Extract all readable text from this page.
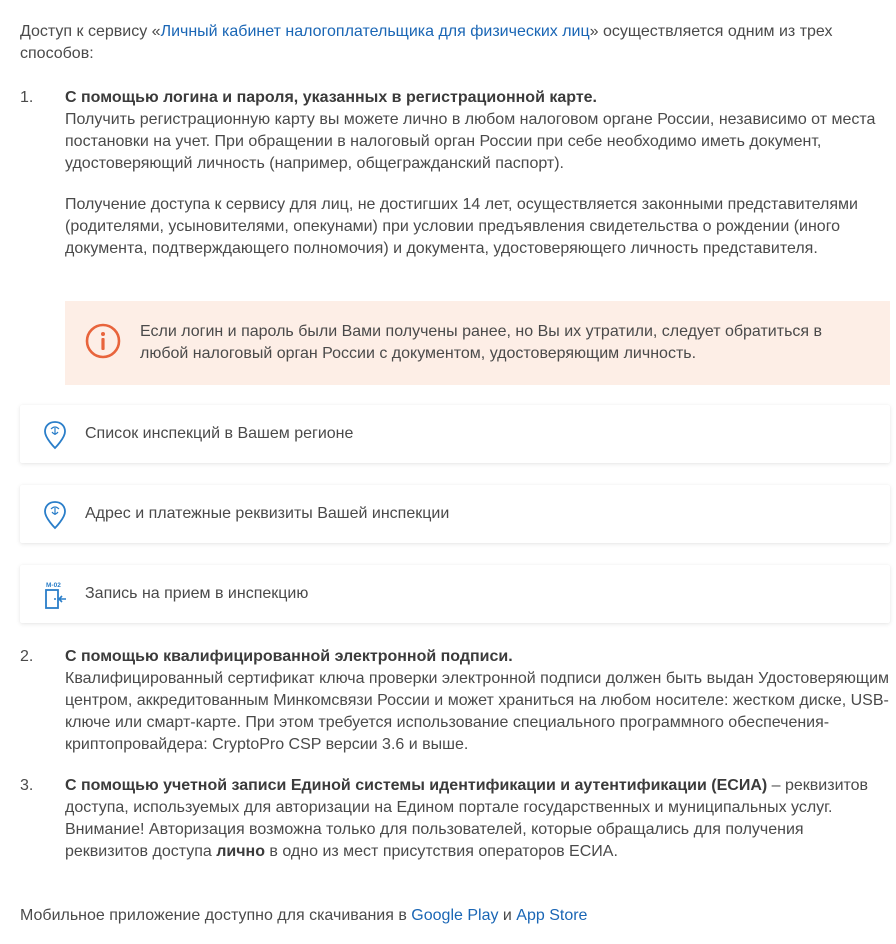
Доступ к сервису «Личный кабинет налогоплательщика для физических лиц» осуществляется одним из трех способов:
1.	С помощью логина и пароля, указанных в регистрационной карте.
Получить регистрационную карту вы можете лично в любом налоговом органе России, независимо от места постановки на учет. При обращении в налоговый орган России при себе необходимо иметь документ, удостоверяющий личность (например, общегражданский паспорт).
Получение доступа к сервису для лиц, не достигших 14 лет, осуществляется законными представителями (родителями, усыновителями, опекунами) при условии предъявления свидетельства о рождении (иного документа, подтверждающего полномочия) и документа, удостоверяющего личность представителя.
Если логин и пароль были Вами получены ранее, но Вы их утратили, следует обратиться в любой налоговый орган России с документом, удостоверяющим личность.
Список инспекций в Вашем регионе
Адрес и платежные реквизиты Вашей инспекции
M-02 Запись на прием в инспекцию
2.	С помощью квалифицированной электронной подписи.
Квалифицированный сертификат ключа проверки электронной подписи должен быть выдан Удостоверяющим центром, аккредитованным Минкомсвязи России и может храниться на любом носителе: жестком диске, USB-ключе или смарт-карте. При этом требуется использование специального программного обеспечения-криптопровайдера: CryptoPro CSP версии 3.6 и выше.
3.	С помощью учетной записи Единой системы идентификации и аутентификации (ЕСИА) – реквизитов доступа, используемых для авторизации на Едином портале государственных и муниципальных услуг.
Внимание! Авторизация возможна только для пользователей, которые обращались для получения реквизитов доступа лично в одно из мест присутствия операторов ЕСИА.
Мобильное приложение доступно для скачивания в Google Play и App Store
